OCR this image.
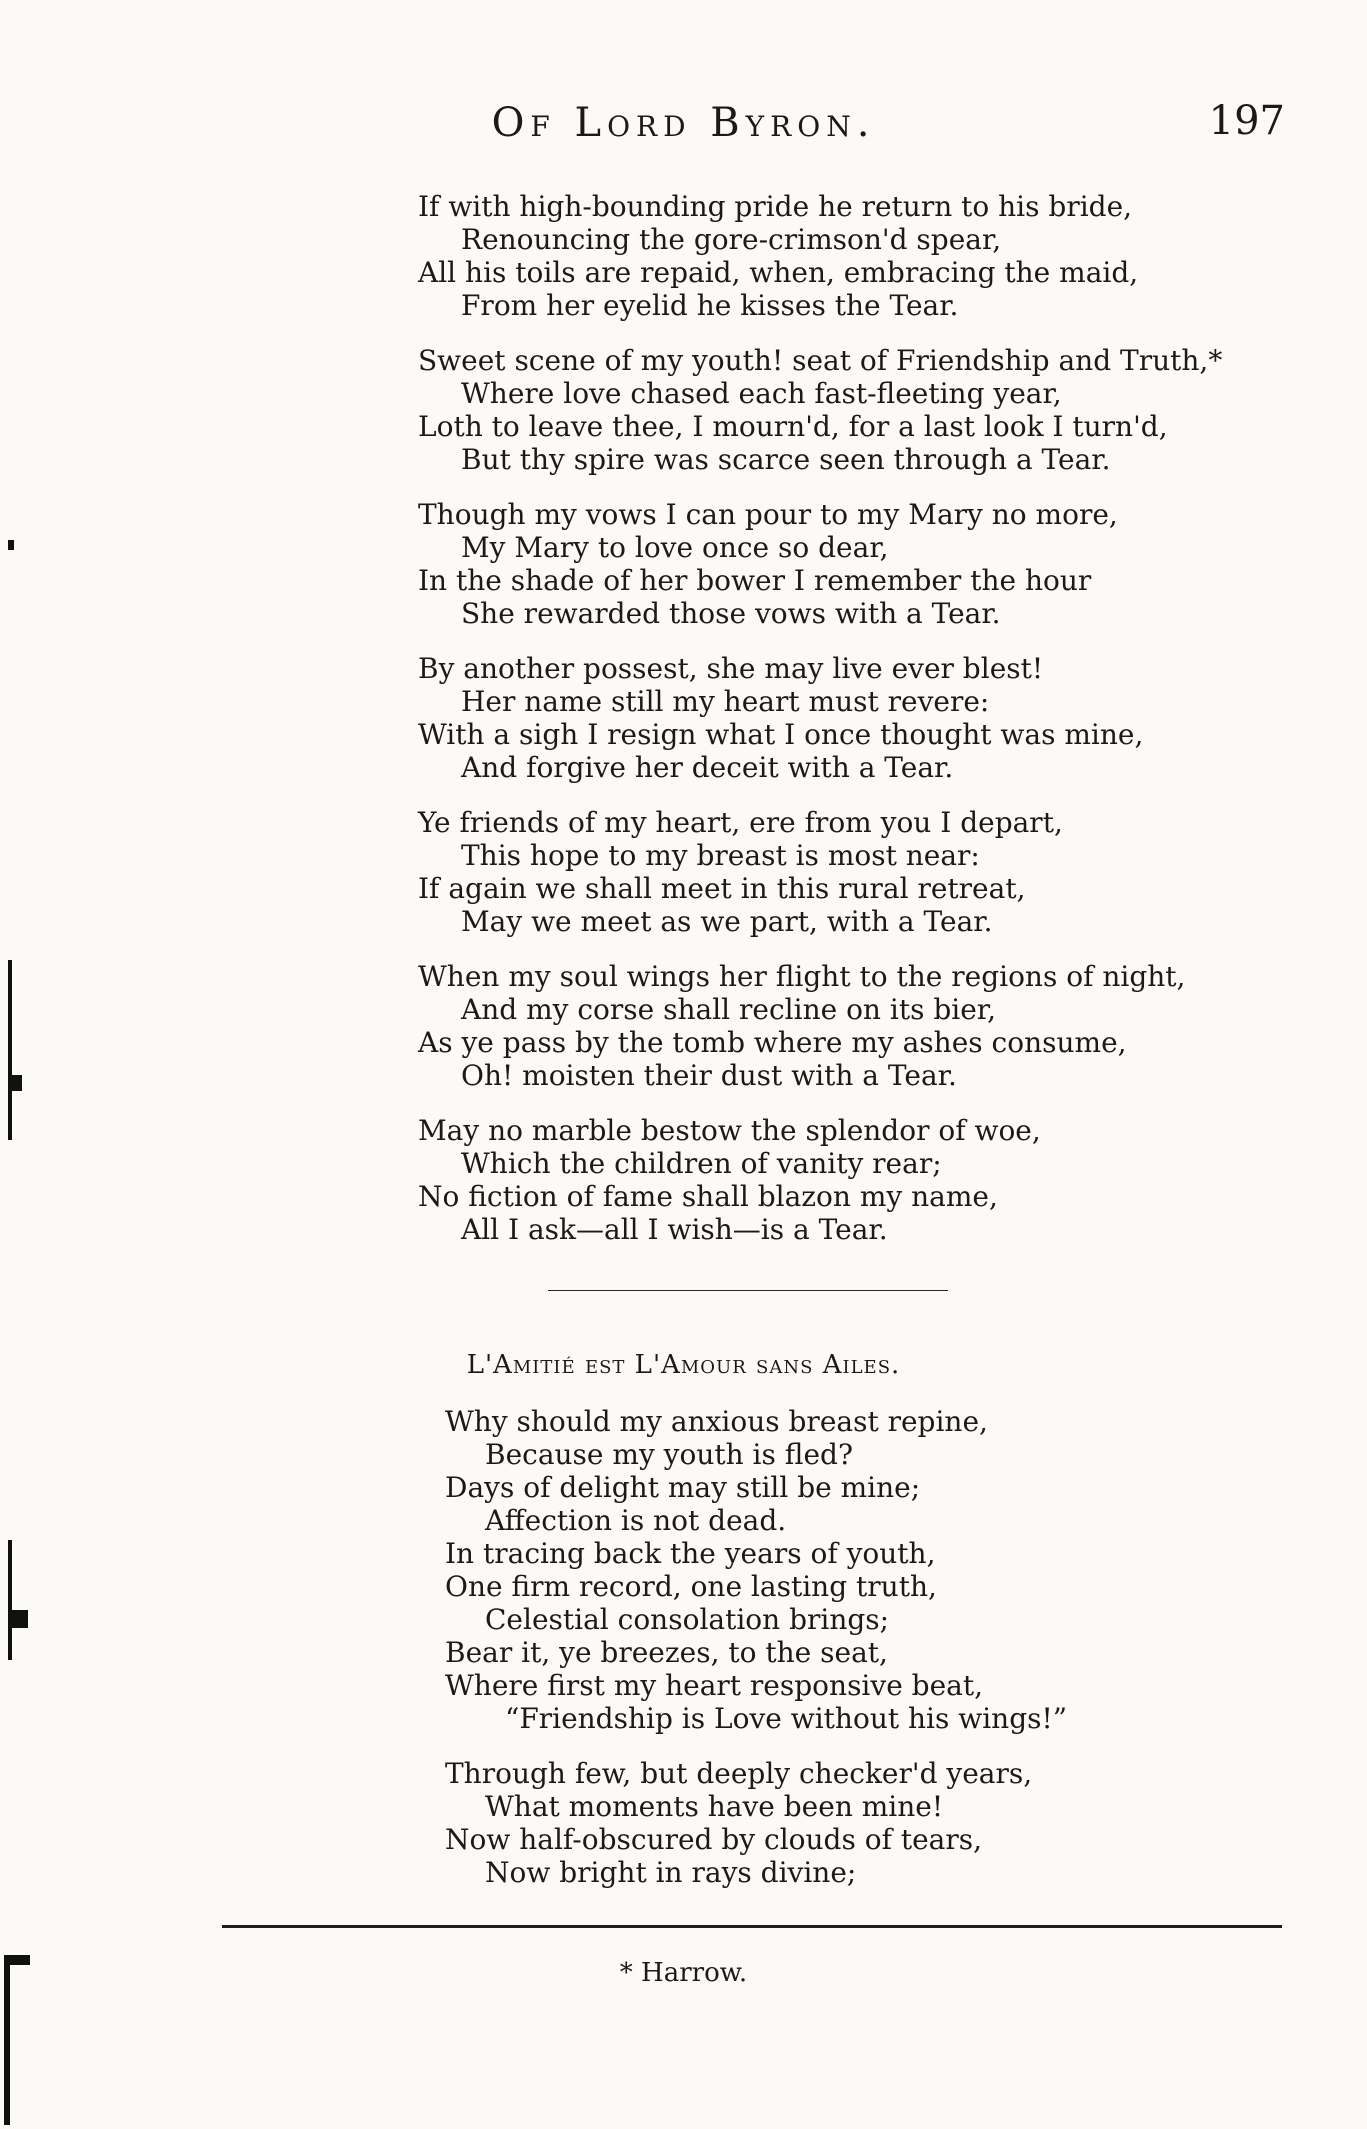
Of Lord Byron.	197
If with high-bounding pride he return to his bride,
Renouncing the gore-crimson'd spear,
All his toils are repaid, when, embracing the maid,
From her eyelid he kisses the Tear.
Sweet scene of my youth! seat of Friendship and Truth,*
Where love chased each fast-fleeting year,
Loth to leave thee, I mourn'd, for a last look I turn'd,
But thy spire was scarce seen through a Tear.
Though my vows I can pour to my Mary no more,
My Mary to love once so dear,
In the shade of her bower I remember the hour
She rewarded those vows with a Tear.
By another possest, she may live ever blest!
Her name still my heart must revere:
With a sigh I resign what I once thought was mine,
And forgive her deceit with a Tear.
Ye friends of my heart, ere from you I depart,
This hope to my breast is most near:
If again we shall meet in this rural retreat,
May we meet as we part, with a Tear.
When my soul wings her flight to the regions of night,
And my corse shall recline on its bier,
As ye pass by the tomb where my ashes consume,
Oh! moisten their dust with a Tear.
May no marble bestow the splendor of woe,
Which the children of vanity rear;
No fiction of fame shall blazon my name,
All I ask—all I wish—is a Tear.
L'Amitié est L'Amour sans Ailes.
Why should my anxious breast repine,
Because my youth is fled?
Days of delight may still be mine;
Affection is not dead.
In tracing back the years of youth,
One firm record, one lasting truth,
Celestial consolation brings;
Bear it, ye breezes, to the seat,
Where first my heart responsive beat,
“Friendship is Love without his wings!”
Through few, but deeply checker'd years,
What moments have been mine!
Now half-obscured by clouds of tears,
Now bright in rays divine;
* Harrow.
